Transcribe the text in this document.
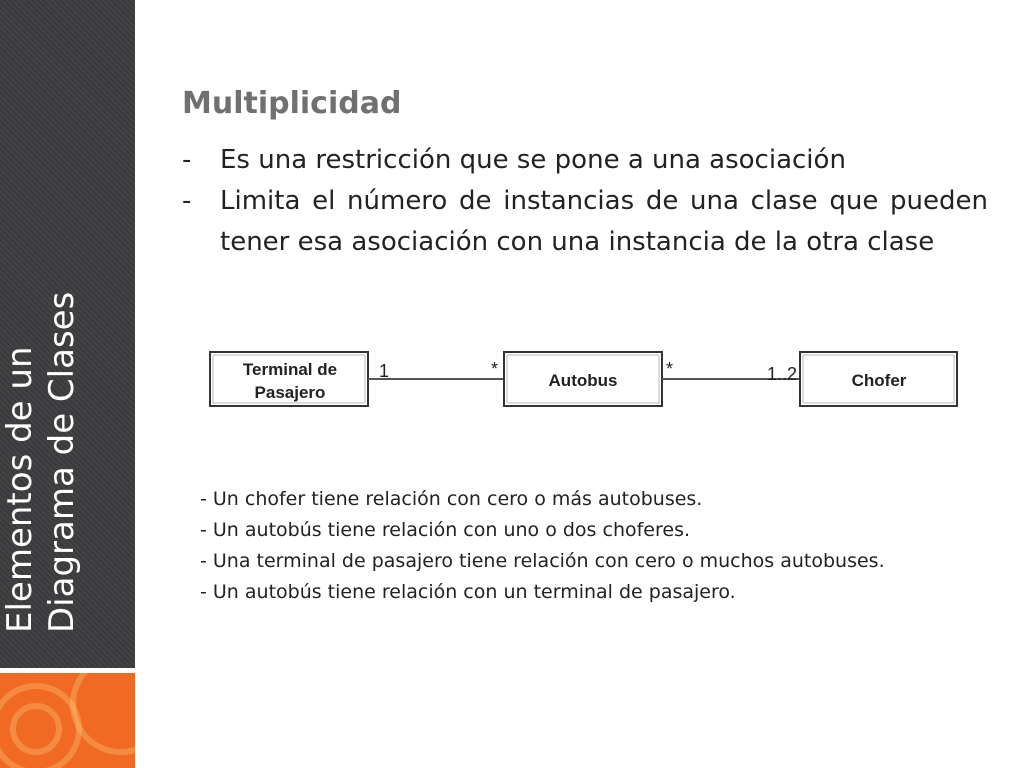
Elementos de un Diagrama de Clases
Multiplicidad
-	Es una restricción que se pone a una asociación
-	Limita el número de instancias de una clase que pueden tener esa asociación con una instancia de la otra clase
Terminal de
Pasajero
1	*
Autobus
*	1..2	Chofer
- Un chofer tiene relación con cero o más autobuses.
- Un autobús tiene relación con uno o dos choferes.
- Una terminal de pasajero tiene relación con cero o muchos autobuses.
- Un autobús tiene relación con un terminal de pasajero.
